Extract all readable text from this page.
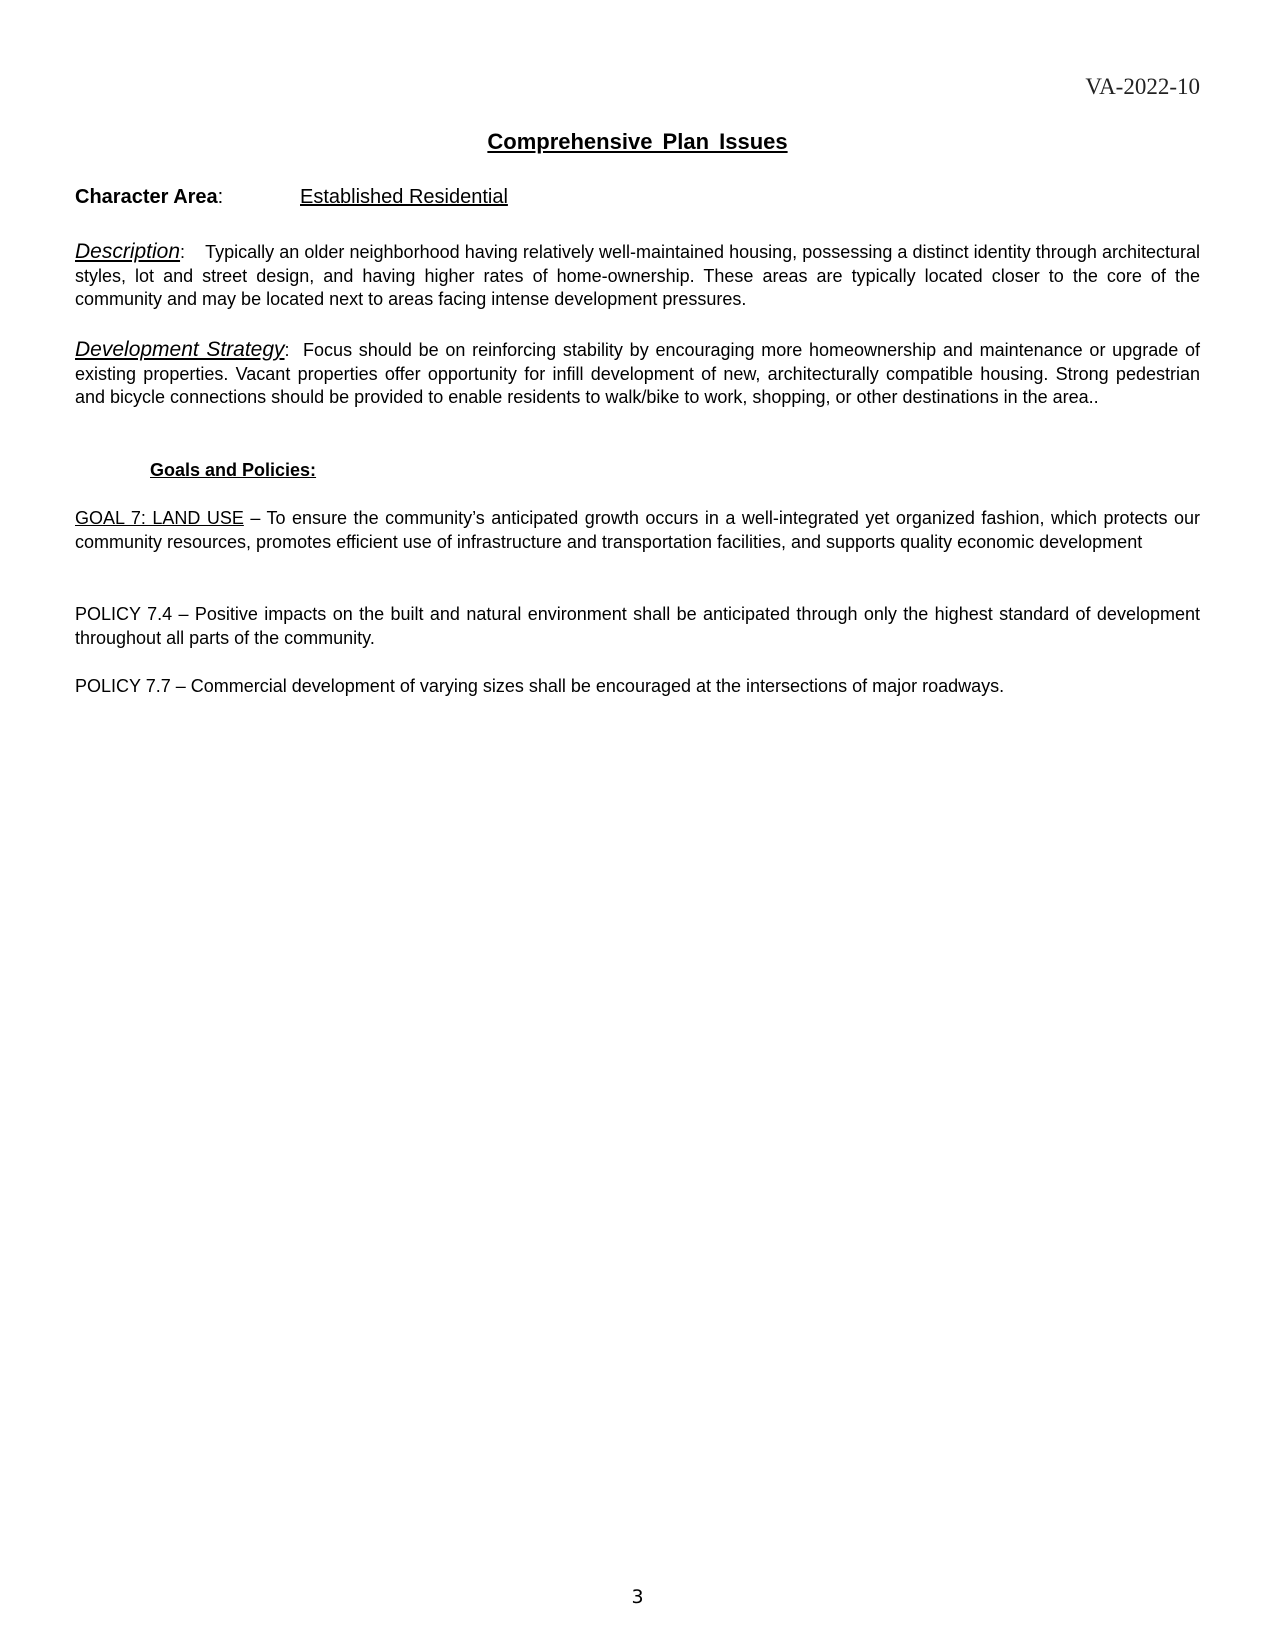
VA-2022-10
Comprehensive Plan Issues
Character Area:	Established Residential
Description: Typically an older neighborhood having relatively well-maintained housing, possessing a distinct identity through architectural styles, lot and street design, and having higher rates of home-ownership. These areas are typically located closer to the core of the community and may be located next to areas facing intense development pressures.
Development Strategy: Focus should be on reinforcing stability by encouraging more homeownership and maintenance or upgrade of existing properties. Vacant properties offer opportunity for infill development of new, architecturally compatible housing. Strong pedestrian and bicycle connections should be provided to enable residents to walk/bike to work, shopping, or other destinations in the area..
Goals and Policies:
GOAL 7: LAND USE – To ensure the community’s anticipated growth occurs in a well-integrated yet organized fashion, which protects our community resources, promotes efficient use of infrastructure and transportation facilities, and supports quality economic development
POLICY 7.4 – Positive impacts on the built and natural environment shall be anticipated through only the highest standard of development throughout all parts of the community.
POLICY 7.7 – Commercial development of varying sizes shall be encouraged at the intersections of major roadways.
3
